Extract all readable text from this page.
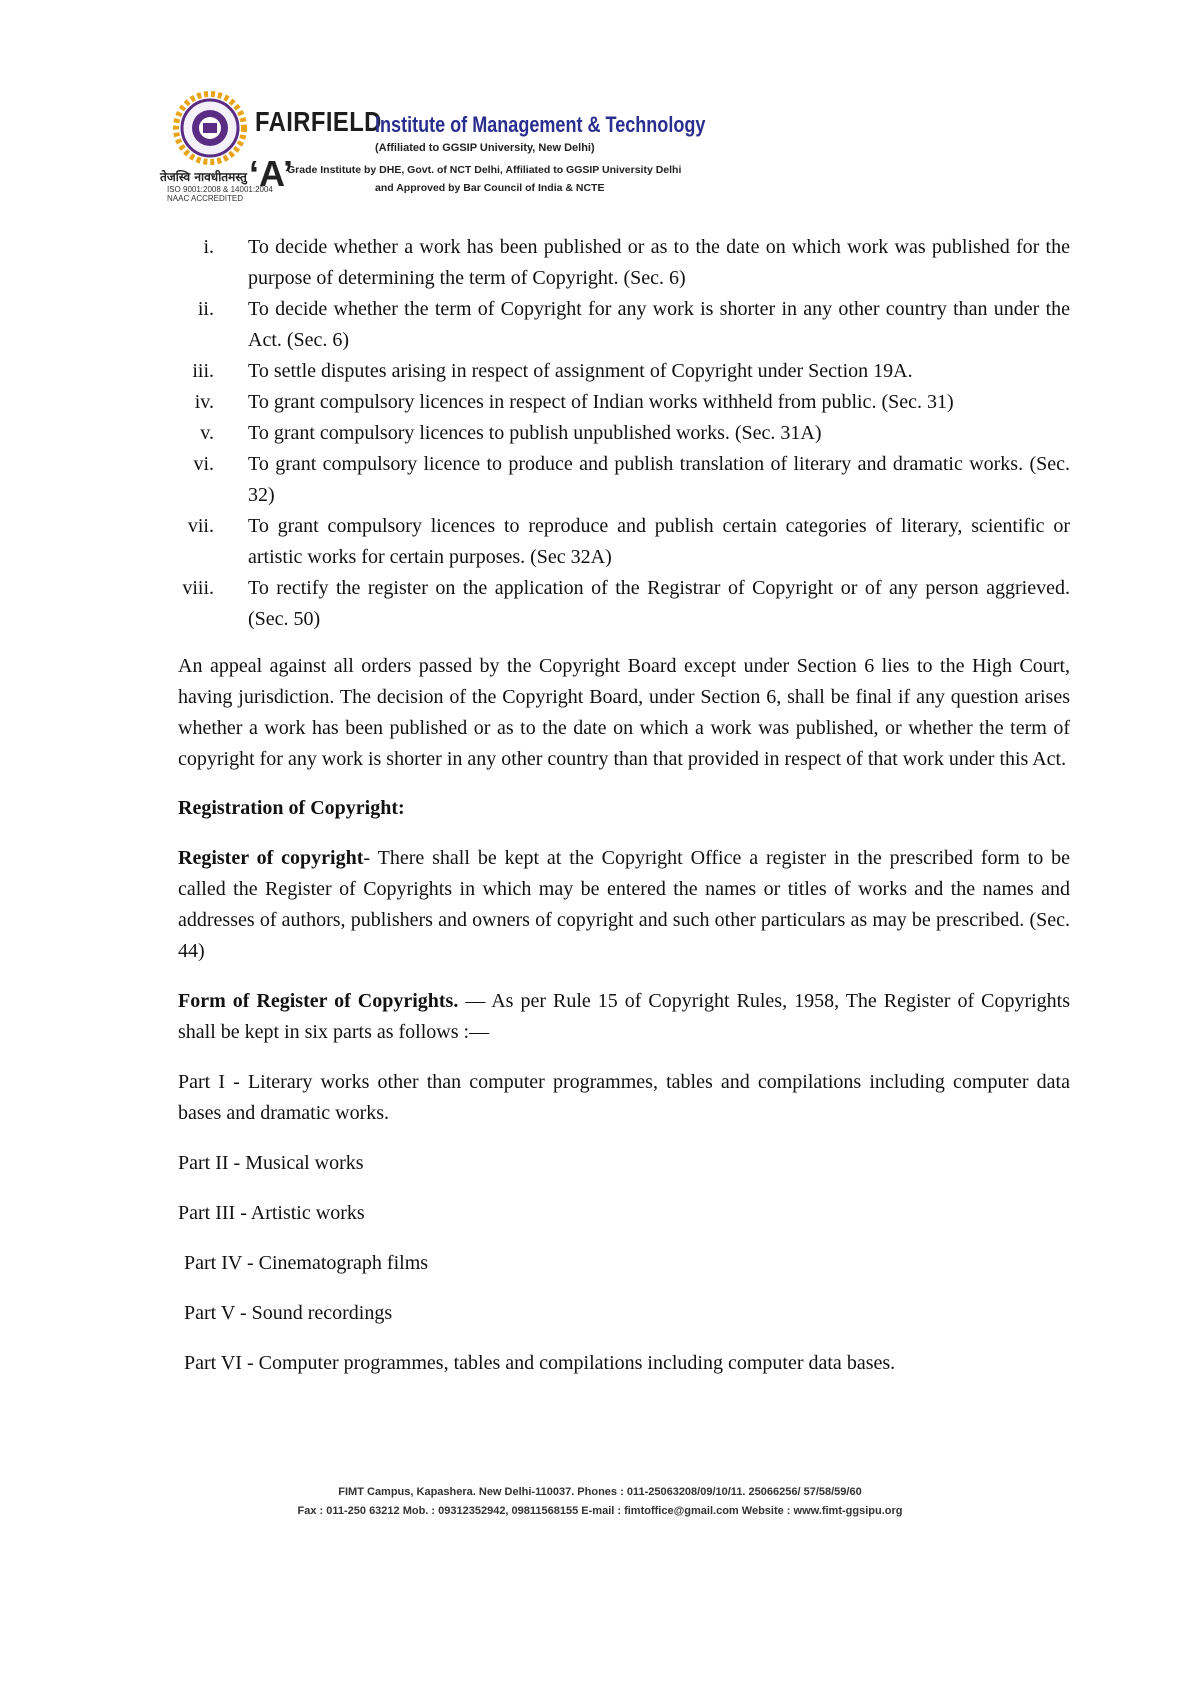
तेजस्वि नावधीतमस्तु
ISO 9001:2008 & 14001:2004
NAAC ACCREDITED
FAIRFIELD
Institute of Management & Technology
(Affiliated to GGSIP University, New Delhi)
‘A’
Grade Institute by DHE, Govt. of NCT Delhi, Affiliated to GGSIP University Delhi
and Approved by Bar Council of India & NCTE
i. To decide whether a work has been published or as to the date on which work was published for the purpose of determining the term of Copyright. (Sec. 6)
ii. To decide whether the term of Copyright for any work is shorter in any other country than under the Act. (Sec. 6)
iii. To settle disputes arising in respect of assignment of Copyright under Section 19A.
iv. To grant compulsory licences in respect of Indian works withheld from public. (Sec. 31)
v. To grant compulsory licences to publish unpublished works. (Sec. 31A)
vi. To grant compulsory licence to produce and publish translation of literary and dramatic works. (Sec. 32)
vii. To grant compulsory licences to reproduce and publish certain categories of literary, scientific or artistic works for certain purposes. (Sec 32A)
viii. To rectify the register on the application of the Registrar of Copyright or of any person aggrieved. (Sec. 50)

An appeal against all orders passed by the Copyright Board except under Section 6 lies to the High Court, having jurisdiction. The decision of the Copyright Board, under Section 6, shall be final if any question arises whether a work has been published or as to the date on which a work was published, or whether the term of copyright for any work is shorter in any other country than that provided in respect of that work under this Act.

Registration of Copyright:

Register of copyright- There shall be kept at the Copyright Office a register in the prescribed form to be called the Register of Copyrights in which may be entered the names or titles of works and the names and addresses of authors, publishers and owners of copyright and such other particulars as may be prescribed. (Sec. 44)

Form of Register of Copyrights. — As per Rule 15 of Copyright Rules, 1958, The Register of Copyrights shall be kept in six parts as follows :—

Part I - Literary works other than computer programmes, tables and compilations including computer data bases and dramatic works.

Part II - Musical works

Part III - Artistic works

Part IV - Cinematograph films

Part V - Sound recordings

Part VI - Computer programmes, tables and compilations including computer data bases.

FIMT Campus, Kapashera. New Delhi-110037. Phones : 011-25063208/09/10/11. 25066256/ 57/58/59/60
Fax : 011-250 63212 Mob. : 09312352942, 09811568155 E-mail : fimtoffice@gmail.com Website : www.fimt-ggsipu.org
